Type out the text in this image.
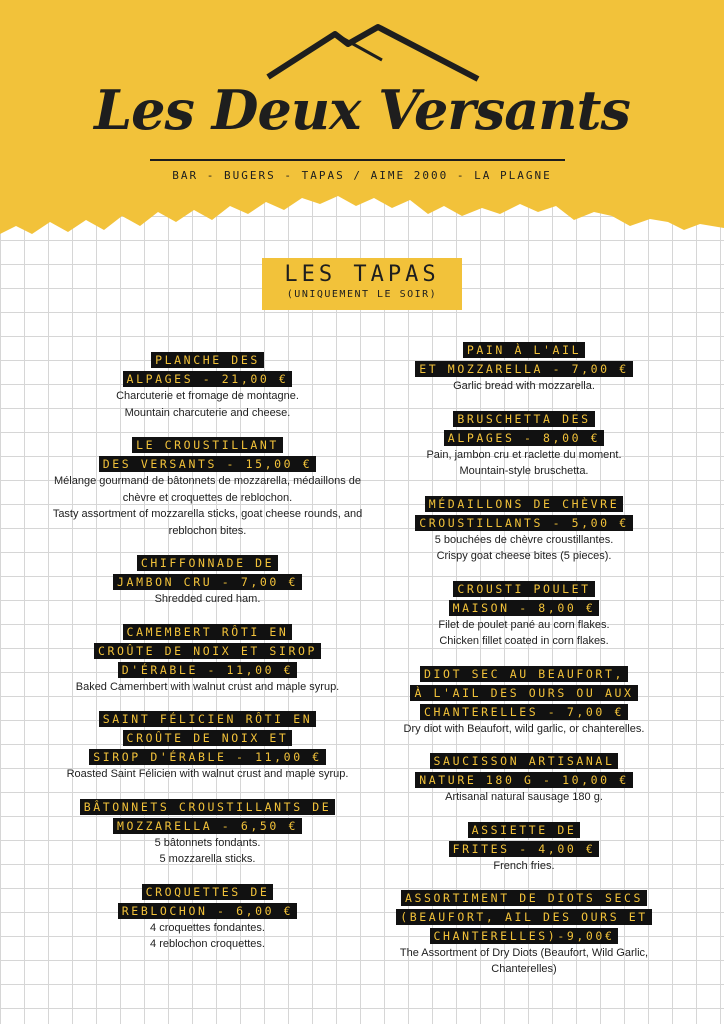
Les Deux Versants
BAR - BUGERS - TAPAS / AIME 2000 - LA PLAGNE
LES TAPAS
(UNIQUEMENT LE SOIR)
PLANCHE DES
ALPAGES - 21,00 €
Charcuterie et fromage de montagne.
Mountain charcuterie and cheese.
LE CROUSTILLANT
DES VERSANTS - 15,00 €
Mélange gourmand de bâtonnets de mozzarella, médaillons de
chèvre et croquettes de reblochon.
Tasty assortment of mozzarella sticks, goat cheese rounds, and
reblochon bites.
CHIFFONNADE DE
JAMBON CRU - 7,00 €
Shredded cured ham.
CAMEMBERT RÔTI EN
CROÛTE DE NOIX ET SIROP
D'ÉRABLE - 11,00 €
Baked Camembert with walnut crust and maple syrup.
SAINT FÉLICIEN RÔTI EN
CROÛTE DE NOIX ET
SIROP D'ÉRABLE - 11,00 €
Roasted Saint Félicien with walnut crust and maple syrup.
BÂTONNETS CROUSTILLANTS DE
MOZZARELLA - 6,50 €
5 bâtonnets fondants.
5 mozzarella sticks.
CROQUETTES DE
REBLOCHON - 6,00 €
4 croquettes fondantes.
4 reblochon croquettes.
PAIN À L'AIL
ET MOZZARELLA - 7,00 €
Garlic bread with mozzarella.
BRUSCHETTA DES
ALPAGES - 8,00 €
Pain, jambon cru et raclette du moment.
Mountain-style bruschetta.
MÉDAILLONS DE CHÈVRE
CROUSTILLANTS - 5,00 €
5 bouchées de chèvre croustillantes.
Crispy goat cheese bites (5 pieces).
CROUSTI POULET
MAISON - 8,00 €
Filet de poulet pané au corn flakes.
Chicken fillet coated in corn flakes.
DIOT SEC AU BEAUFORT,
À L'AIL DES OURS OU AUX
CHANTERELLES - 7,00 €
Dry diot with Beaufort, wild garlic, or chanterelles.
SAUCISSON ARTISANAL
NATURE 180 G - 10,00 €
Artisanal natural sausage 180 g.
ASSIETTE DE
FRITES - 4,00 €
French fries.
ASSORTIMENT DE DIOTS SECS
(BEAUFORT, AIL DES OURS ET
CHANTERELLES)-9,00€
The Assortment of Dry Diots (Beaufort, Wild Garlic, Chanterelles)
